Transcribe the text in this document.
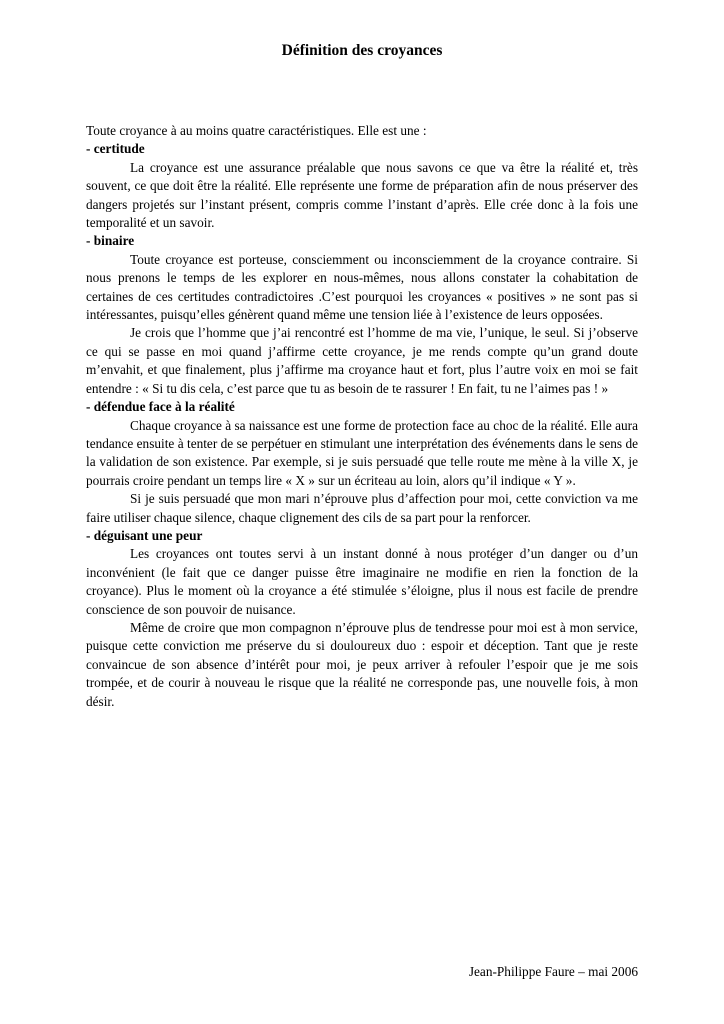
Définition des croyances

Toute croyance à au moins quatre caractéristiques. Elle est une :

- certitude

La croyance est une assurance préalable que nous savons ce que va être la réalité et, très souvent, ce que doit être la réalité. Elle représente une forme de préparation afin de nous préserver des dangers projetés sur l’instant présent, compris comme l’instant d’après. Elle crée donc à la fois une temporalité et un savoir.

- binaire

Toute croyance est porteuse, consciemment ou inconsciemment de la croyance contraire. Si nous prenons le temps de les explorer en nous-mêmes, nous allons constater la cohabitation de certaines de ces certitudes contradictoires .C’est pourquoi les croyances « positives » ne sont pas si intéressantes, puisqu’elles génèrent quand même une tension liée à l’existence de leurs opposées.

Je crois que l’homme que j’ai rencontré est l’homme de ma vie, l’unique, le seul. Si j’observe ce qui se passe en moi quand j’affirme cette croyance, je me rends compte qu’un grand doute m’envahit, et que finalement, plus j’affirme ma croyance haut et fort, plus l’autre voix en moi se fait entendre : « Si tu dis cela, c’est parce que tu as besoin de te rassurer ! En fait, tu ne l’aimes pas ! »

- défendue face à la réalité

Chaque croyance à sa naissance est une forme de protection face au choc de la réalité. Elle aura tendance ensuite à tenter de se perpétuer en stimulant une interprétation des événements dans le sens de la validation de son existence. Par exemple, si je suis persuadé que telle route me mène à la ville X, je pourrais croire pendant un temps lire « X » sur un écriteau au loin, alors qu’il indique « Y ».

Si je suis persuadé que mon mari n’éprouve plus d’affection pour moi, cette conviction va me faire utiliser chaque silence, chaque clignement des cils de sa part pour la renforcer.

- déguisant une peur

Les croyances ont toutes servi à un instant donné à nous protéger d’un danger ou d’un inconvénient (le fait que ce danger puisse être imaginaire ne modifie en rien la fonction de la croyance). Plus le moment où la croyance a été stimulée s’éloigne, plus il nous est facile de prendre conscience de son pouvoir de nuisance.

Même de croire que mon compagnon n’éprouve plus de tendresse pour moi est à mon service, puisque cette conviction me préserve du si douloureux duo : espoir et déception. Tant que je reste convaincue de son absence d’intérêt pour moi, je peux arriver à refouler l’espoir que je me sois trompée, et de courir à nouveau le risque que la réalité ne corresponde pas, une nouvelle fois, à mon désir.

Jean-Philippe Faure – mai 2006
